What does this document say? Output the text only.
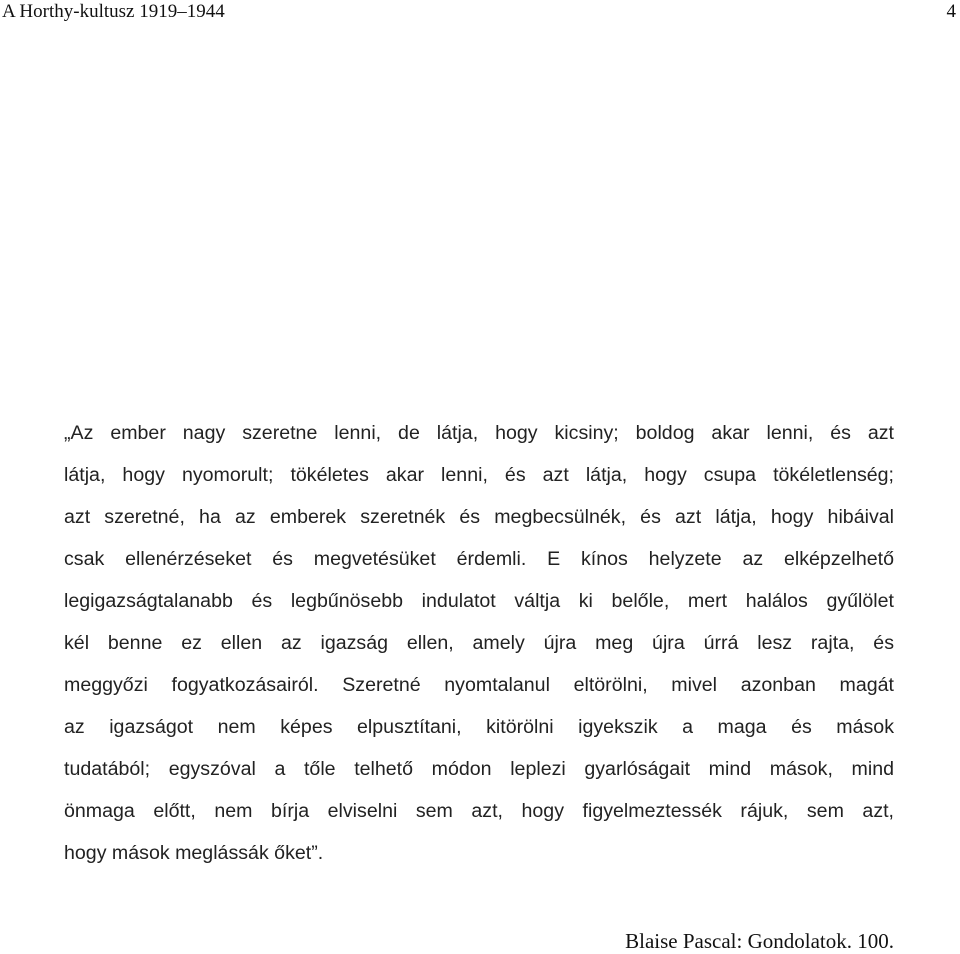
A Horthy-kultusz 1919–1944	4
„Az ember nagy szeretne lenni, de látja, hogy kicsiny; boldog akar lenni, és azt
látja, hogy nyomorult; tökéletes akar lenni, és azt látja, hogy csupa tökéletlenség;
azt szeretné, ha az emberek szeretnék és megbecsülnék, és azt látja, hogy hibáival
csak ellenérzéseket és megvetésüket érdemli. E kínos helyzete az elképzelhető
legigazságtalanabb és legbűnösebb indulatot váltja ki belőle, mert halálos gyűlölet
kél benne ez ellen az igazság ellen, amely újra meg újra úrrá lesz rajta, és
meggyőzi fogyatkozásairól. Szeretné nyomtalanul eltörölni, mivel azonban magát
az igazságot nem képes elpusztítani, kitörölni igyekszik a maga és mások
tudatából; egyszóval a tőle telhető módon leplezi gyarlóságait mind mások, mind
önmaga előtt, nem bírja elviselni sem azt, hogy figyelmeztessék rájuk, sem azt,
hogy mások meglássák őket”.
Blaise Pascal: Gondolatok. 100.
